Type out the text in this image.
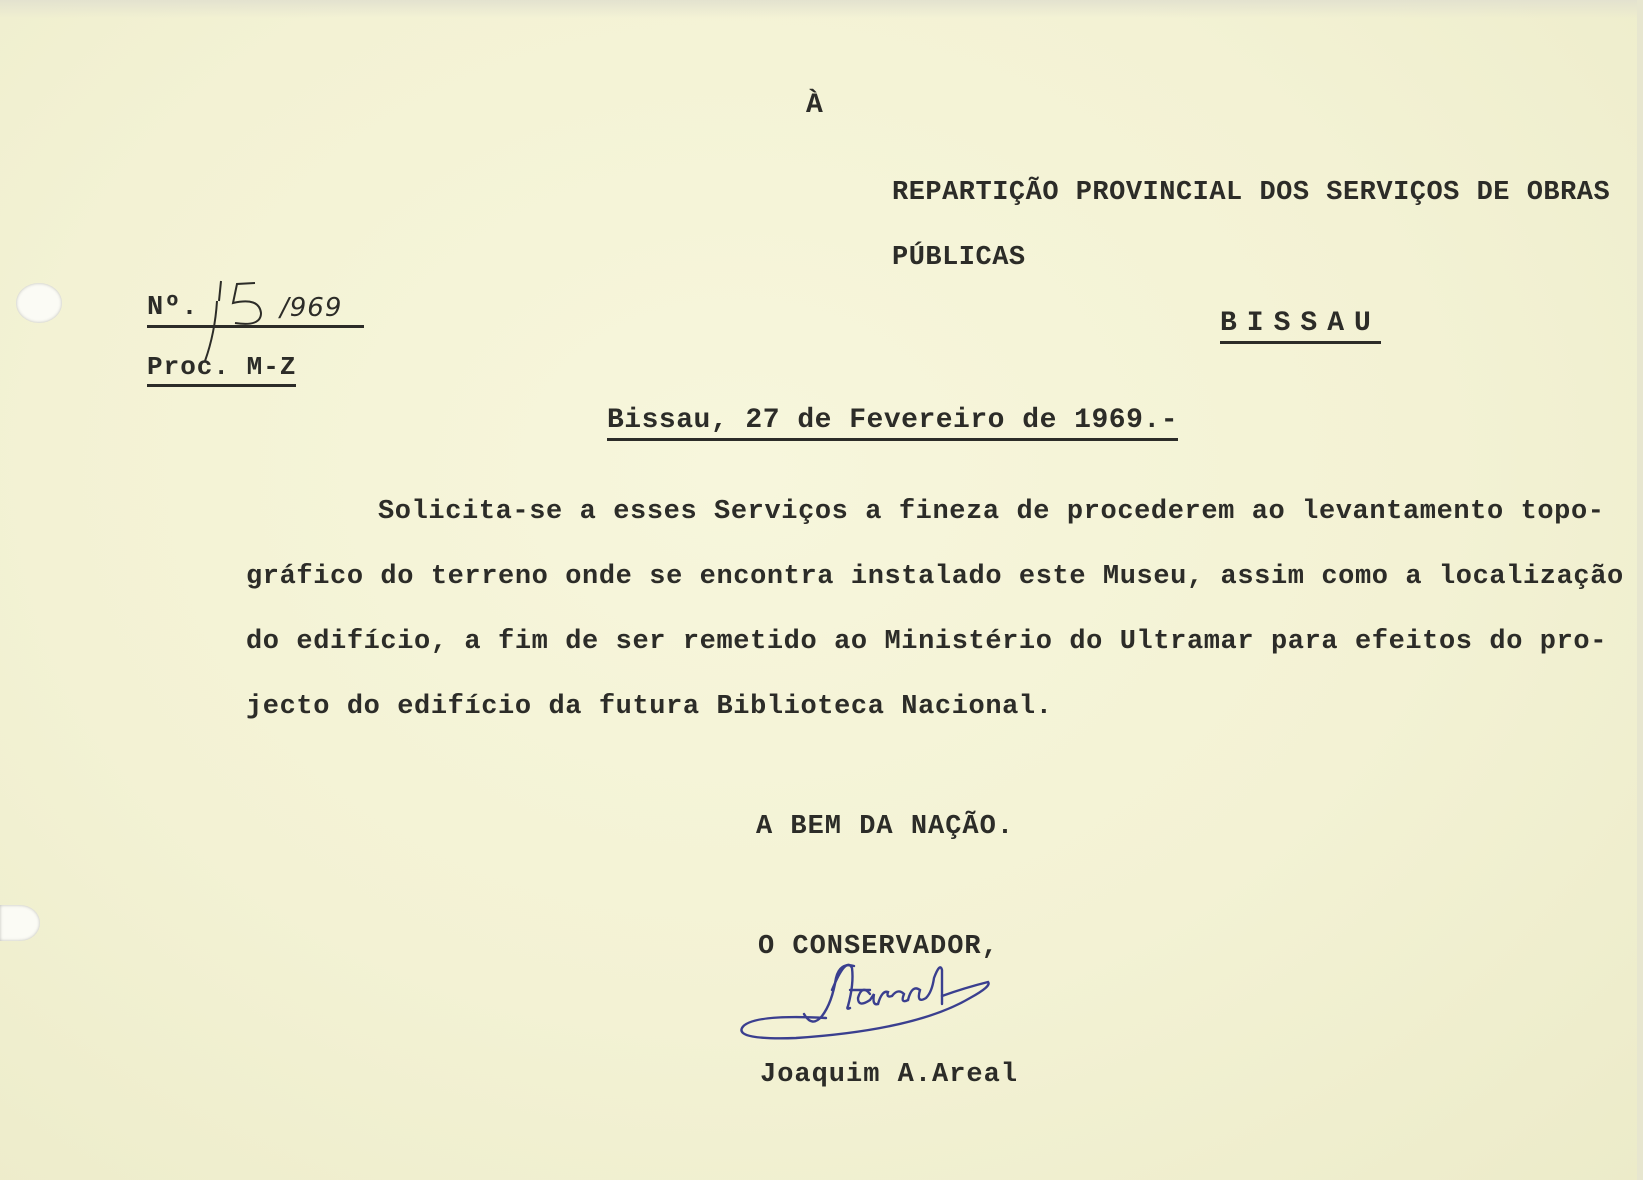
À
REPARTIÇÃO PROVINCIAL DOS SERVIÇOS DE OBRAS
PÚBLICAS
BISSAU
Nº.	/969
Proc. M-Z
Bissau, 27 de Fevereiro de 1969.-
Solicita-se a esses Serviços a fineza de procederem ao levantamento topo-
gráfico do terreno onde se encontra instalado este Museu, assim como a localização
do edifício, a fim de ser remetido ao Ministério do Ultramar para efeitos do pro-
jecto do edifício da futura Biblioteca Nacional.
A BEM DA NAÇÃO.
O CONSERVADOR,
JAreal
Joaquim A.Areal
